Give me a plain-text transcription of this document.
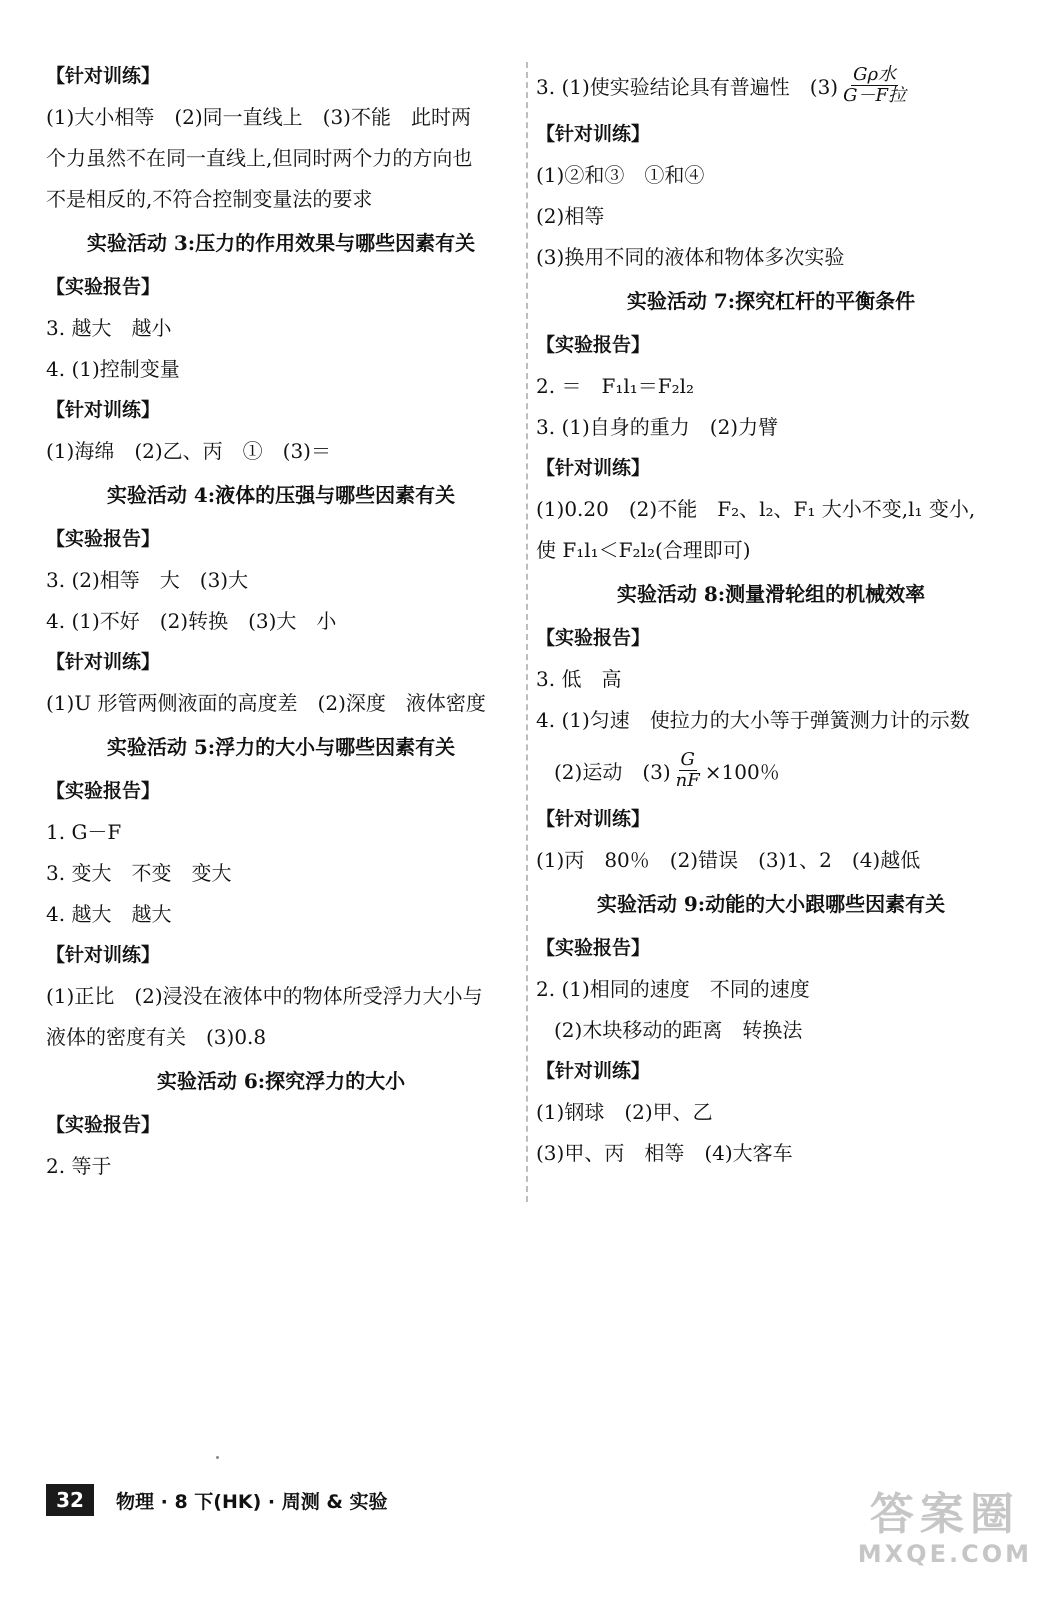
【针对训练】
(1)大小相等　(2)同一直线上　(3)不能　此时两
个力虽然不在同一直线上,但同时两个力的方向也
不是相反的,不符合控制变量法的要求
实验活动 3:压力的作用效果与哪些因素有关
【实验报告】
3. 越大　越小
4. (1)控制变量
【针对训练】
(1)海绵　(2)乙、丙　①　(3)＝
实验活动 4:液体的压强与哪些因素有关
【实验报告】
3. (2)相等　大　(3)大
4. (1)不好　(2)转换　(3)大　小
【针对训练】
(1)U 形管两侧液面的高度差　(2)深度　液体密度
实验活动 5:浮力的大小与哪些因素有关
【实验报告】
1. G－F
3. 变大　不变　变大
4. 越大　越大
【针对训练】
(1)正比　(2)浸没在液体中的物体所受浮力大小与
液体的密度有关　(3)0.8
实验活动 6:探究浮力的大小
【实验报告】
2. 等于
3. (1)使实验结论具有普遍性　$(3) \frac{\text{Gρ水}}{\text{G－F拉}}$
【针对训练】
(1)②和③　①和④
(2)相等
(3)换用不同的液体和物体多次实验
实验活动 7:探究杠杆的平衡条件
【实验报告】
2. ＝　F₁l₁＝F₂l₂
3. (1)自身的重力　(2)力臂
【针对训练】
(1)0.20　(2)不能　F₂、l₂、F₁ 大小不变,l₁ 变小,
使 F₁l₁＜F₂l₂(合理即可)
实验活动 8:测量滑轮组的机械效率
【实验报告】
3. 低　高
4. (1)匀速　使拉力的大小等于弹簧测力计的示数
(2)运动　$(3) \frac{G}{nF} \times 100$％
【针对训练】
(1)丙　80％　(2)错误　(3)1、2　(4)越低
实验活动 9:动能的大小跟哪些因素有关
【实验报告】
2. (1)相同的速度　不同的速度
(2)木块移动的距离　转换法
【针对训练】
(1)钢球　(2)甲、乙
(3)甲、丙　相等　(4)大客车
32	物理 · 8 下(HK) · 周测 & 实验	答案圈
MXQE.COM
